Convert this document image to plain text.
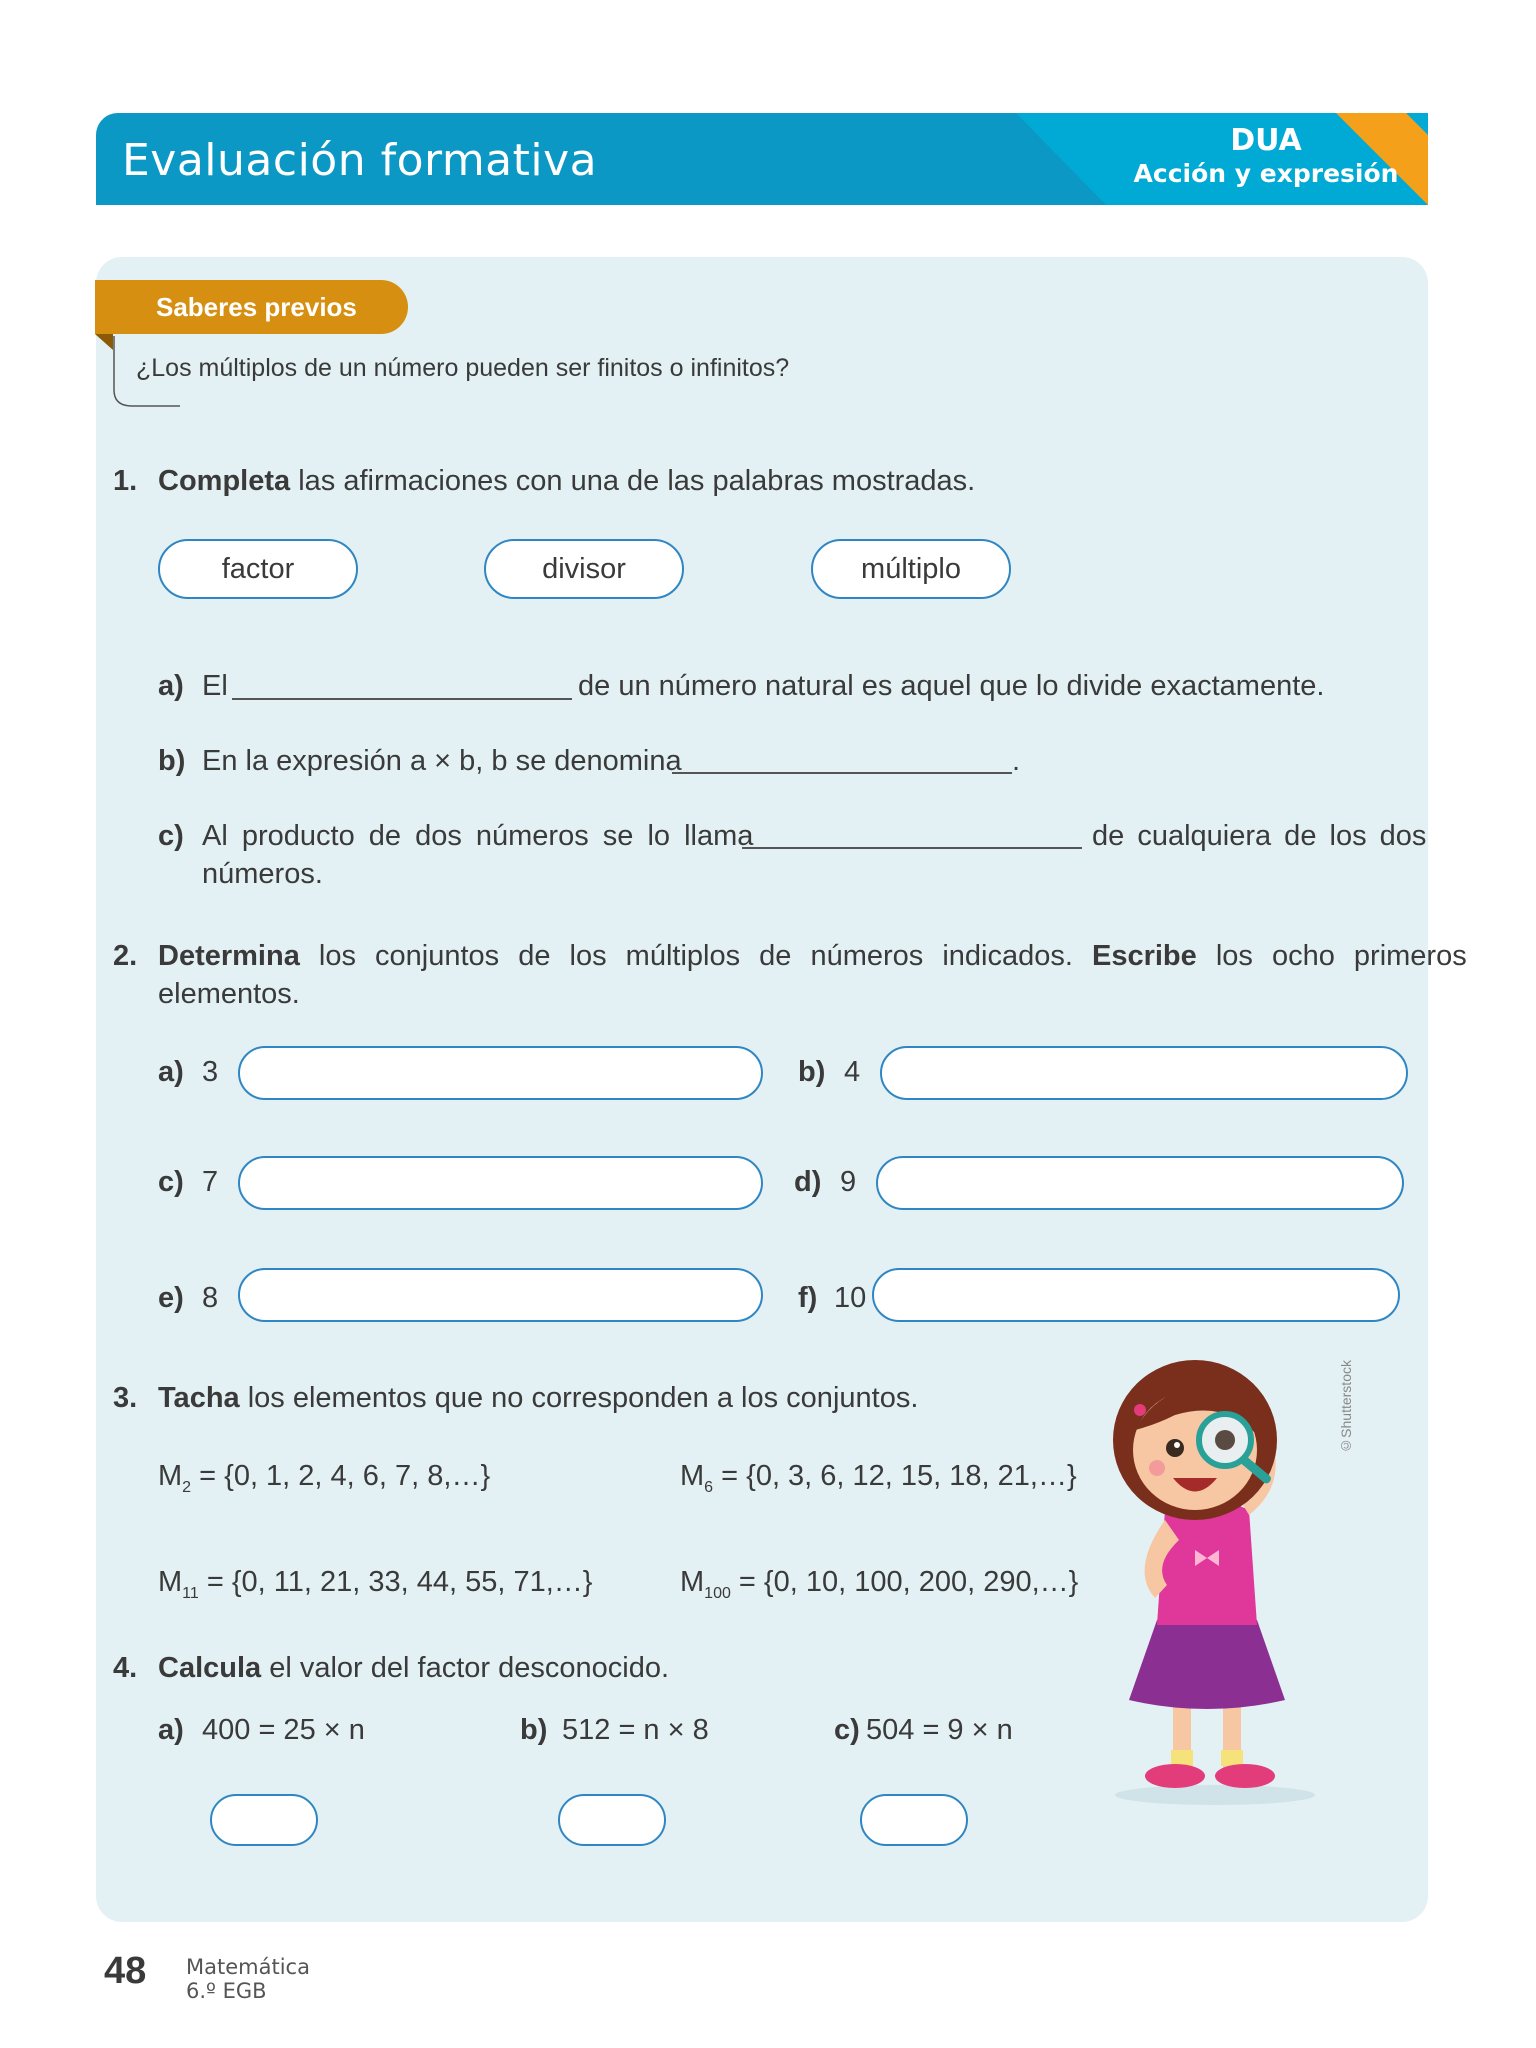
Evaluación formativa	DUA
Acción y expresión
Saberes previos
¿Los múltiplos de un número pueden ser finitos o infinitos?
1. Completa las afirmaciones con una de las palabras mostradas.
factor	divisor	múltiplo
a) El	de un número natural es aquel que lo divide exactamente.
b) En la expresión a × b, b se denomina	.
c) Al producto de dos números se lo llama	de cualquiera de los dos
números.
2. Determina los conjuntos de los múltiplos de números indicados. Escribe los ocho primeros
elementos.
a) 3	b) 4
c) 7	d) 9
e) 8	f) 10
3. Tacha los elementos que no corresponden a los conjuntos.
$M_2 = \{0$, 1, 2, 4, 6, 7, 8,…}	$M_6 = \{0$, 3, 6, 12, 15, 18, 21,…}
$M_{11} = \{0$, 11, 21, 33, 44, 55, 71,…}	$M_{100} = \{0$, 10, 100, 200, 290,…}
4. Calcula el valor del factor desconocido.
a) 400 = 25 × n	b) 512 = n × 8	c) 504 = 9 × n
©Shutterstock
48 Matemática
6.º EGB
